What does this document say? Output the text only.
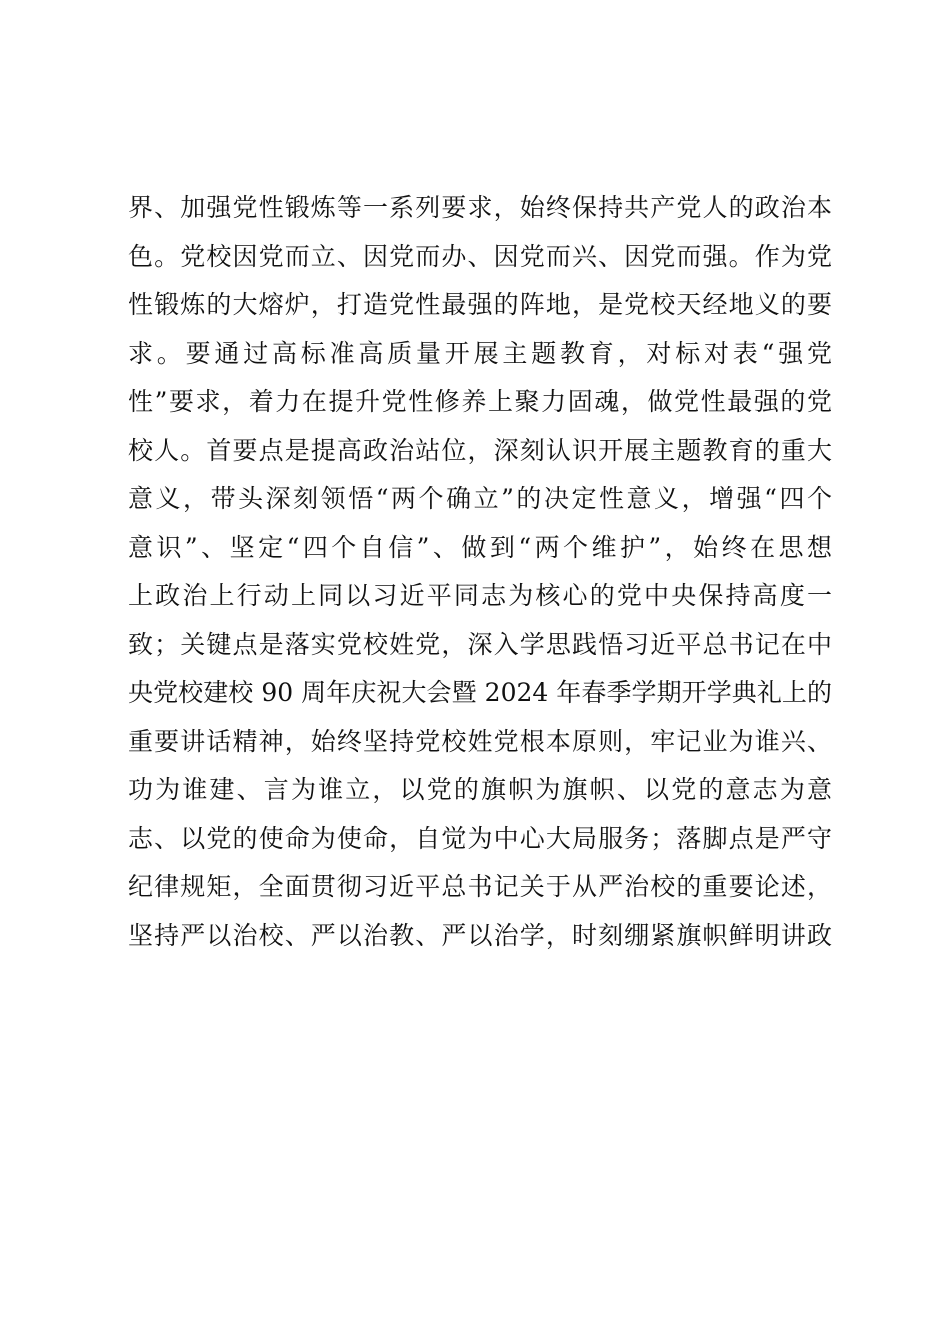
界、加强党性锻炼等一系列要求，始终保持共产党人的政治本
色。党校因党而立、因党而办、因党而兴、因党而强。作为党
性锻炼的大熔炉，打造党性最强的阵地，是党校天经地义的要
求。要通过高标准高质量开展主题教育，对标对表“强党
性”要求，着力在提升党性修养上聚力固魂，做党性最强的党
校人。首要点是提高政治站位，深刻认识开展主题教育的重大
意义，带头深刻领悟“两个确立”的决定性意义，增强“四个
意识”、坚定“四个自信”、做到“两个维护”，始终在思想
上政治上行动上同以习近平同志为核心的党中央保持高度一
致；关键点是落实党校姓党，深入学思践悟习近平总书记在中
央党校建校 90 周年庆祝大会暨 2024 年春季学期开学典礼上的
重要讲话精神，始终坚持党校姓党根本原则，牢记业为谁兴、
功为谁建、言为谁立，以党的旗帜为旗帜、以党的意志为意
志、以党的使命为使命，自觉为中心大局服务；落脚点是严守
纪律规矩，全面贯彻习近平总书记关于从严治校的重要论述，
坚持严以治校、严以治教、严以治学，时刻绷紧旗帜鲜明讲政
